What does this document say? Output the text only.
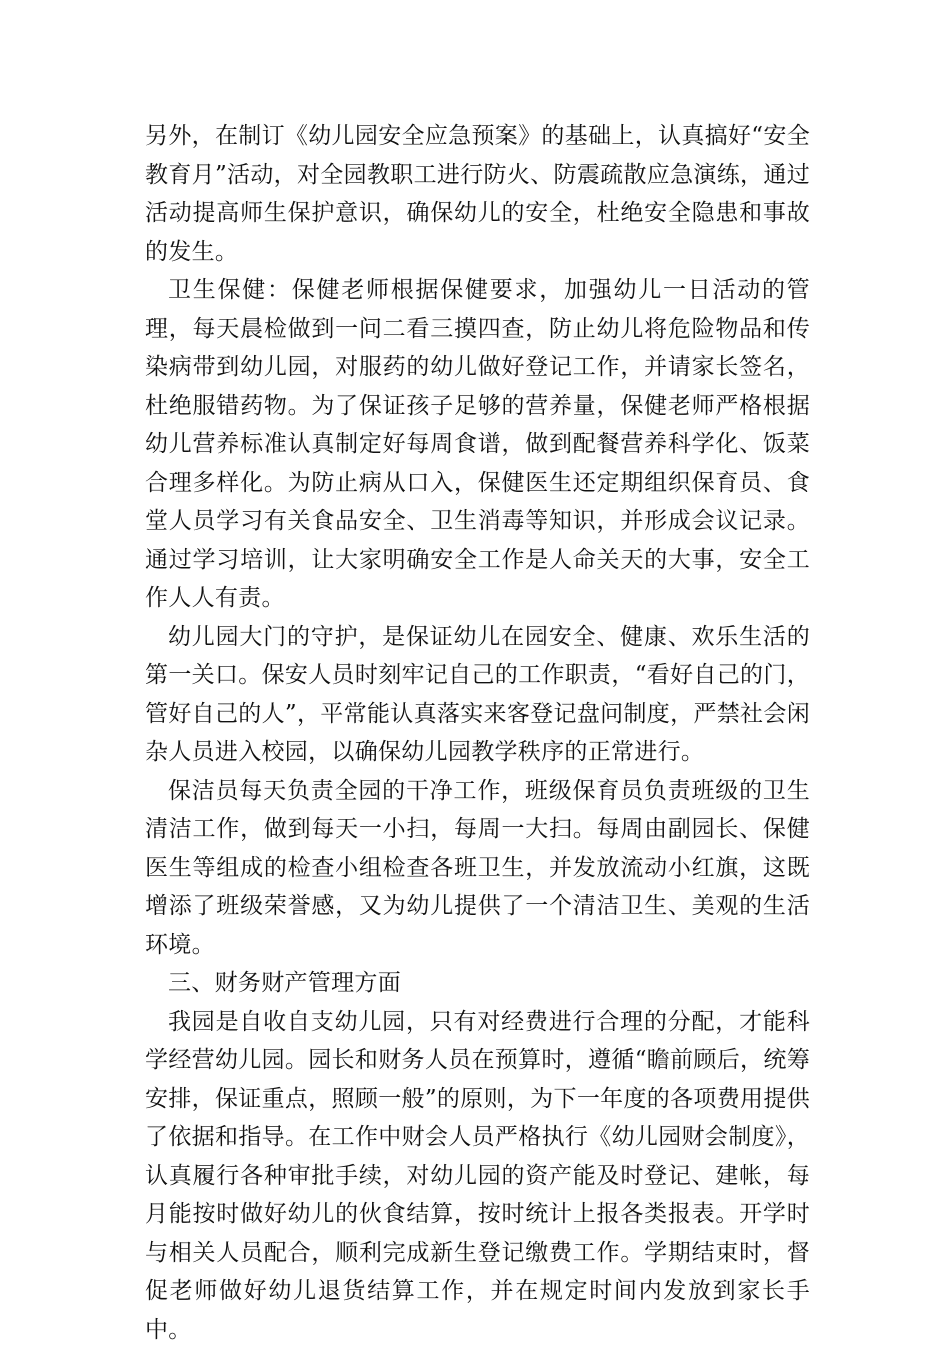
另外，在制订《幼儿园安全应急预案》的基础上，认真搞好“安全教育月”活动，对全园教职工进行防火、防震疏散应急演练，通过活动提高师生保护意识，确保幼儿的安全，杜绝安全隐患和事故的发生。

卫生保健：保健老师根据保健要求，加强幼儿一日活动的管理，每天晨检做到一问二看三摸四查，防止幼儿将危险物品和传染病带到幼儿园，对服药的幼儿做好登记工作，并请家长签名，杜绝服错药物。为了保证孩子足够的营养量，保健老师严格根据幼儿营养标准认真制定好每周食谱，做到配餐营养科学化、饭菜合理多样化。为防止病从口入，保健医生还定期组织保育员、食堂人员学习有关食品安全、卫生消毒等知识，并形成会议记录。通过学习培训，让大家明确安全工作是人命关天的大事，安全工作人人有责。

幼儿园大门的守护，是保证幼儿在园安全、健康、欢乐生活的第一关口。保安人员时刻牢记自己的工作职责，“看好自己的门，管好自己的人”，平常能认真落实来客登记盘问制度，严禁社会闲杂人员进入校园，以确保幼儿园教学秩序的正常进行。

保洁员每天负责全园的干净工作，班级保育员负责班级的卫生清洁工作，做到每天一小扫，每周一大扫。每周由副园长、保健医生等组成的检查小组检查各班卫生，并发放流动小红旗，这既增添了班级荣誉感，又为幼儿提供了一个清洁卫生、美观的生活环境。

三、财务财产管理方面

我园是自收自支幼儿园，只有对经费进行合理的分配，才能科学经营幼儿园。园长和财务人员在预算时，遵循“瞻前顾后，统筹安排，保证重点，照顾一般”的原则，为下一年度的各项费用提供了依据和指导。在工作中财会人员严格执行《幼儿园财会制度》，认真履行各种审批手续，对幼儿园的资产能及时登记、建帐，每月能按时做好幼儿的伙食结算，按时统计上报各类报表。开学时与相关人员配合，顺利完成新生登记缴费工作。学期结束时，督促老师做好幼儿退货结算工作，并在规定时间内发放到家长手中。
